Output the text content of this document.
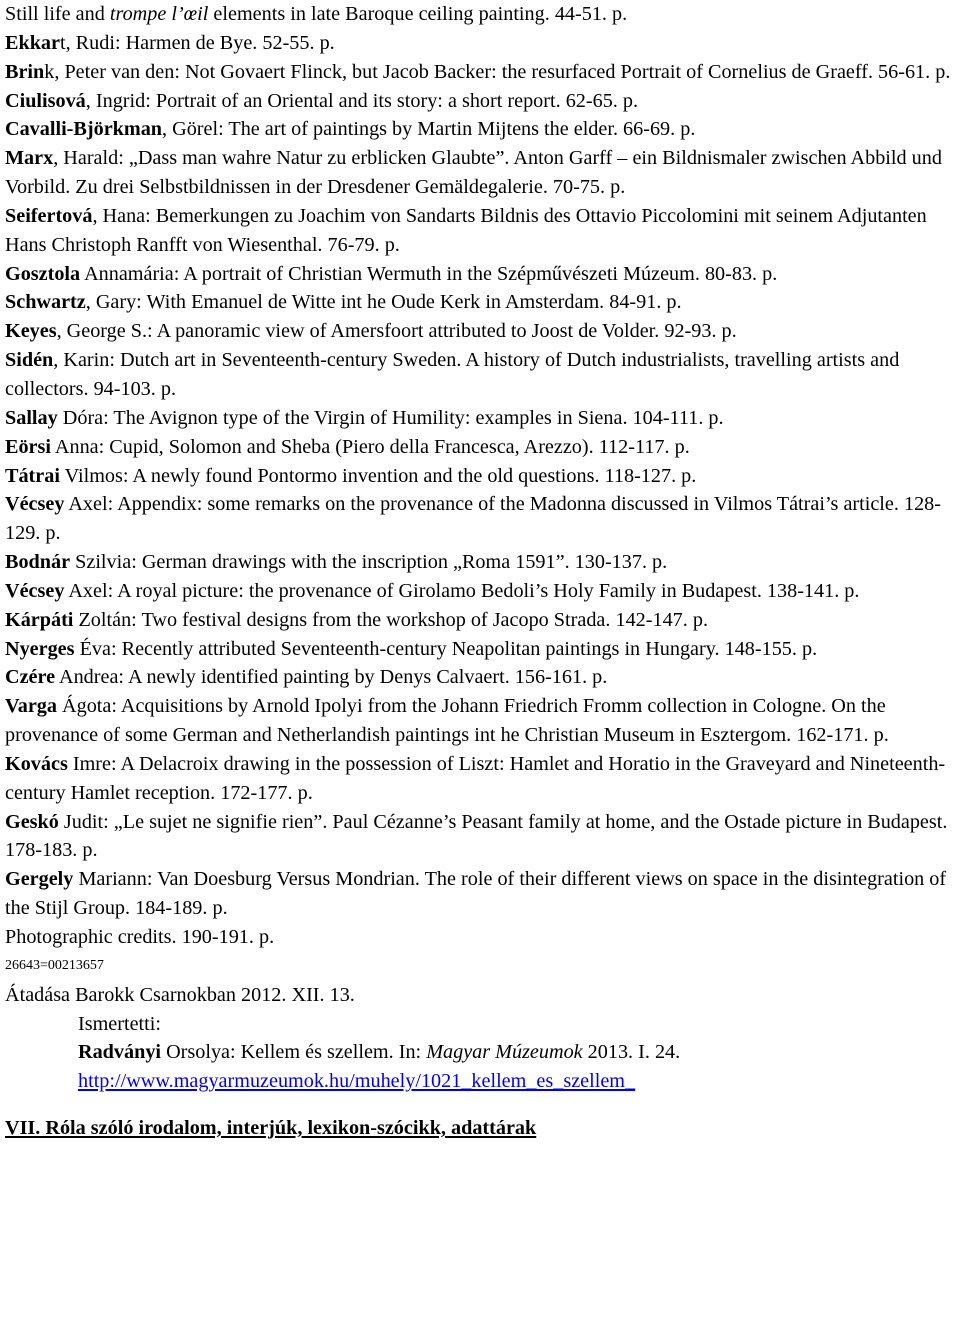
Still life and trompe l’œil elements in late Baroque ceiling painting. 44-51. p.
Ekkart, Rudi: Harmen de Bye. 52-55. p.
Brink, Peter van den: Not Govaert Flinck, but Jacob Backer: the resurfaced Portrait of Cornelius de Graeff. 56-61. p.
Ciulisová, Ingrid: Portrait of an Oriental and its story: a short report. 62-65. p.
Cavalli-Björkman, Görel: The art of paintings by Martin Mijtens the elder. 66-69. p.
Marx, Harald: „Dass man wahre Natur zu erblicken Glaubte”. Anton Garff – ein Bildnismaler zwischen Abbild und Vorbild. Zu drei Selbstbildnissen in der Dresdener Gemäldegalerie. 70-75. p.
Seifertová, Hana: Bemerkungen zu Joachim von Sandarts Bildnis des Ottavio Piccolomini mit seinem Adjutanten Hans Christoph Ranfft von Wiesenthal. 76-79. p.
Gosztola Annamária: A portrait of Christian Wermuth in the Szépművészeti Múzeum. 80-83. p.
Schwartz, Gary: With Emanuel de Witte int he Oude Kerk in Amsterdam. 84-91. p.
Keyes, George S.: A panoramic view of Amersfoort attributed to Joost de Volder. 92-93. p.
Sidén, Karin: Dutch art in Seventeenth-century Sweden. A history of Dutch industrialists, travelling artists and collectors. 94-103. p.
Sallay Dóra: The Avignon type of the Virgin of Humility: examples in Siena. 104-111. p.
Eörsi Anna: Cupid, Solomon and Sheba (Piero della Francesca, Arezzo). 112-117. p.
Tátrai Vilmos: A newly found Pontormo invention and the old questions. 118-127. p.
Vécsey Axel: Appendix: some remarks on the provenance of the Madonna discussed in Vilmos Tátrai’s article. 128-129. p.
Bodnár Szilvia: German drawings with the inscription „Roma 1591”. 130-137. p.
Vécsey Axel: A royal picture: the provenance of Girolamo Bedoli’s Holy Family in Budapest. 138-141. p.
Kárpáti Zoltán: Two festival designs from the workshop of Jacopo Strada. 142-147. p.
Nyerges Éva: Recently attributed Seventeenth-century Neapolitan paintings in Hungary. 148-155. p.
Czére Andrea: A newly identified painting by Denys Calvaert. 156-161. p.
Varga Ágota: Acquisitions by Arnold Ipolyi from the Johann Friedrich Fromm collection in Cologne. On the provenance of some German and Netherlandish paintings int he Christian Museum in Esztergom. 162-171. p.
Kovács Imre: A Delacroix drawing in the possession of Liszt: Hamlet and Horatio in the Graveyard and Nineteenth-century Hamlet reception. 172-177. p.
Geskó Judit: „Le sujet ne signifie rien”. Paul Cézanne’s Peasant family at home, and the Ostade picture in Budapest. 178-183. p.
Gergely Mariann: Van Doesburg Versus Mondrian. The role of their different views on space in the disintegration of the Stijl Group. 184-189. p.
Photographic credits. 190-191. p.
26643=00213657
Átadása Barokk Csarnokban 2012. XII. 13.
Ismertetti:
Radványi Orsolya: Kellem és szellem. In: Magyar Múzeumok 2013. I. 24.
http://www.magyarmuzeumok.hu/muhely/1021_kellem_es_szellem_
VII. Róla szóló irodalom, interjúk, lexikon-szócikk, adattárak
